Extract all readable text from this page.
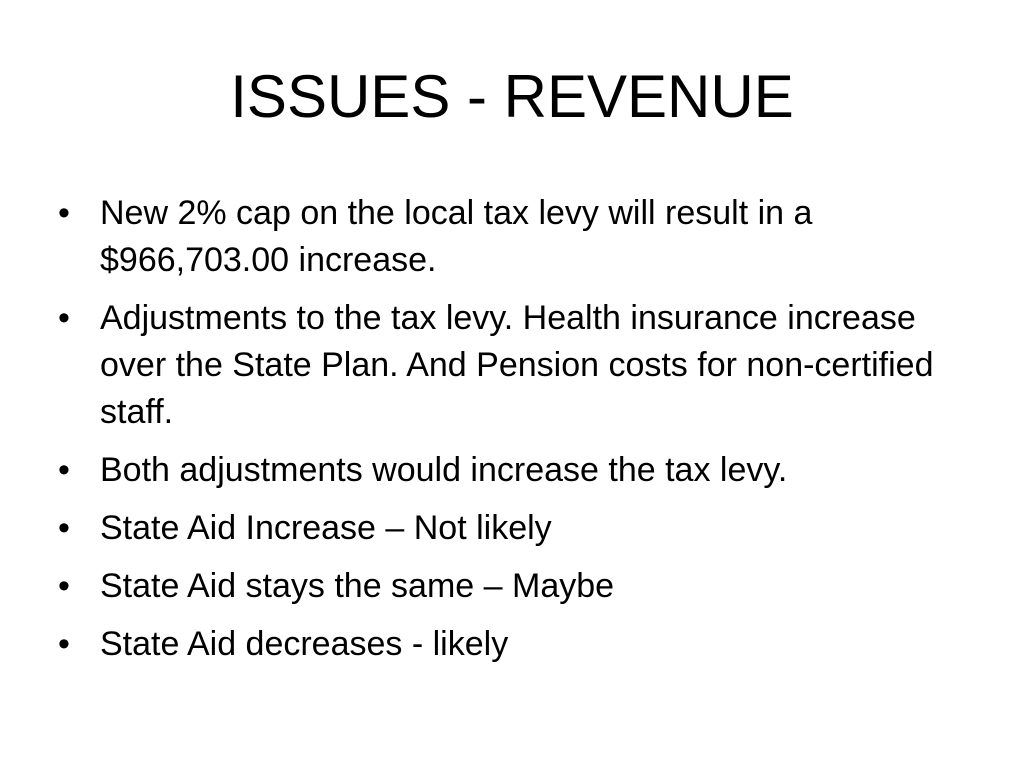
ISSUES - REVENUE
• New 2% cap on the local tax levy will result in a $966,703.00 increase.
• Adjustments to the tax levy. Health insurance increase over the State Plan. And Pension costs for non-certified staff.
• Both adjustments would increase the tax levy.
• State Aid Increase – Not likely
• State Aid stays the same – Maybe
• State Aid decreases - likely
